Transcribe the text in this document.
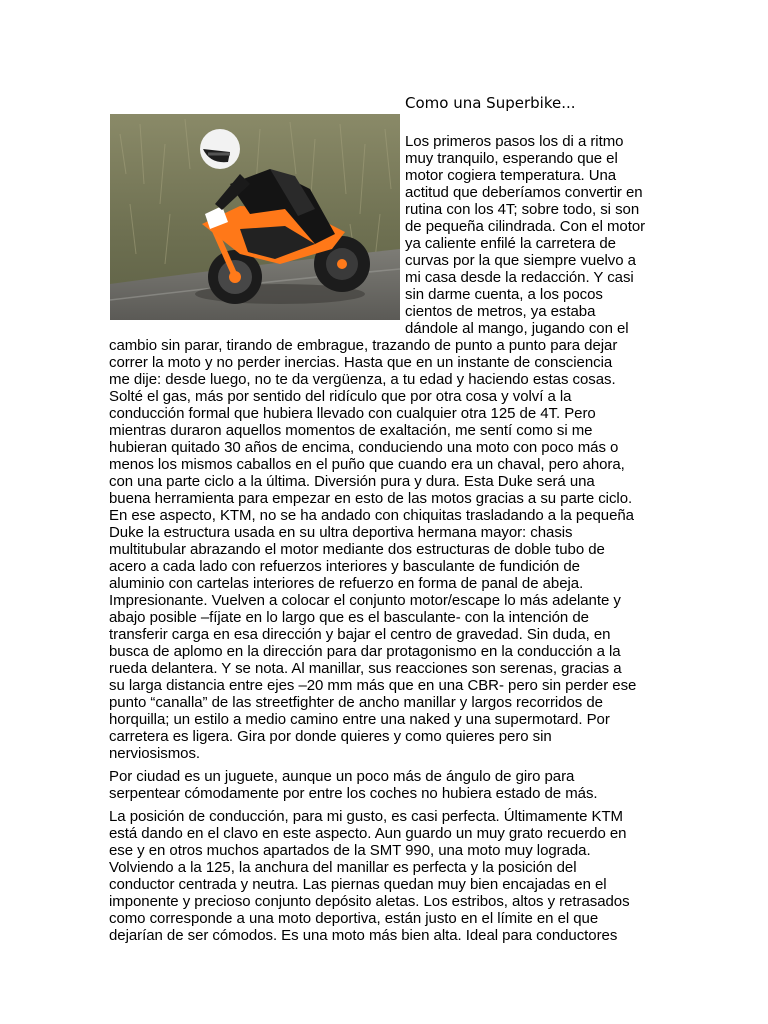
Como una Superbike...
Los primeros pasos los di a ritmo
muy tranquilo, esperando que el
motor cogiera temperatura. Una
actitud que deberíamos convertir en
rutina con los 4T; sobre todo, si son
de pequeña cilindrada. Con el motor
ya caliente enfilé la carretera de
curvas por la que siempre vuelvo a
mi casa desde la redacción. Y casi
sin darme cuenta, a los pocos
cientos de metros, ya estaba
dándole al mango, jugando con el
cambio sin parar, tirando de embrague, trazando de punto a punto para dejar
correr la moto y no perder inercias. Hasta que en un instante de consciencia
me dije: desde luego, no te da vergüenza, a tu edad y haciendo estas cosas.
Solté el gas, más por sentido del ridículo que por otra cosa y volví a la
conducción formal que hubiera llevado con cualquier otra 125 de 4T. Pero
mientras duraron aquellos momentos de exaltación, me sentí como si me
hubieran quitado 30 años de encima, conduciendo una moto con poco más o
menos los mismos caballos en el puño que cuando era un chaval, pero ahora,
con una parte ciclo a la última. Diversión pura y dura. Esta Duke será una
buena herramienta para empezar en esto de las motos gracias a su parte ciclo.
En ese aspecto, KTM, no se ha andado con chiquitas trasladando a la pequeña
Duke la estructura usada en su ultra deportiva hermana mayor: chasis
multitubular abrazando el motor mediante dos estructuras de doble tubo de
acero a cada lado con refuerzos interiores y basculante de fundición de
aluminio con cartelas interiores de refuerzo en forma de panal de abeja.
Impresionante. Vuelven a colocar el conjunto motor/escape lo más adelante y
abajo posible –fíjate en lo largo que es el basculante- con la intención de
transferir carga en esa dirección y bajar el centro de gravedad. Sin duda, en
busca de aplomo en la dirección para dar protagonismo en la conducción a la
rueda delantera. Y se nota. Al manillar, sus reacciones son serenas, gracias a
su larga distancia entre ejes –20 mm más que en una CBR- pero sin perder ese
punto “canalla” de las streetfighter de ancho manillar y largos recorridos de
horquilla; un estilo a medio camino entre una naked y una supermotard. Por
carretera es ligera. Gira por donde quieres y como quieres pero sin
nerviosismos.
Por ciudad es un juguete, aunque un poco más de ángulo de giro para
serpentear cómodamente por entre los coches no hubiera estado de más.
La posición de conducción, para mi gusto, es casi perfecta. Últimamente KTM
está dando en el clavo en este aspecto. Aun guardo un muy grato recuerdo en
ese y en otros muchos apartados de la SMT 990, una moto muy lograda.
Volviendo a la 125, la anchura del manillar es perfecta y la posición del
conductor centrada y neutra. Las piernas quedan muy bien encajadas en el
imponente y precioso conjunto depósito aletas. Los estribos, altos y retrasados
como corresponde a una moto deportiva, están justo en el límite en el que
dejarían de ser cómodos. Es una moto más bien alta. Ideal para conductores
